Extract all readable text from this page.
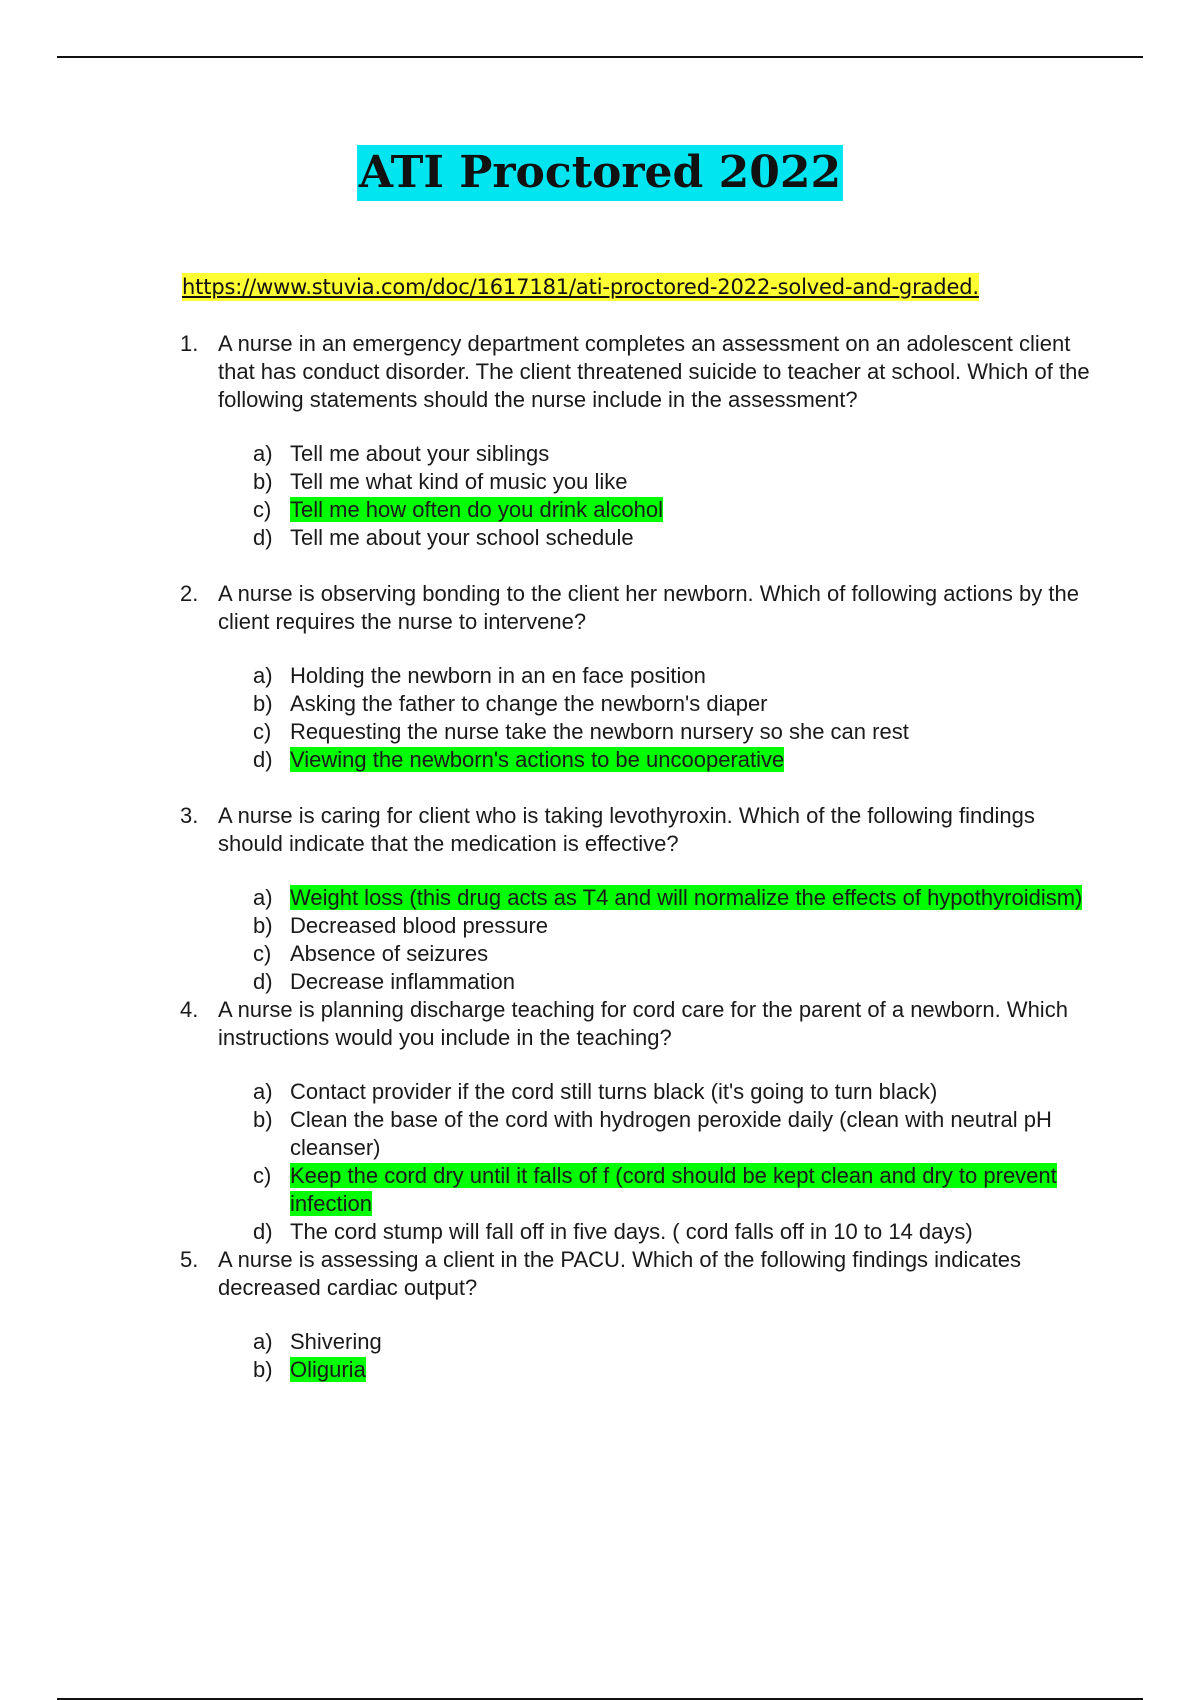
ATI Proctored 2022
https://www.stuvia.com/doc/1617181/ati-proctored-2022-solved-and-graded.
1. A nurse in an emergency department completes an assessment on an adolescent client that has conduct disorder. The client threatened suicide to teacher at school. Which of the following statements should the nurse include in the assessment?
a) Tell me about your siblings
b) Tell me what kind of music you like
c) Tell me how often do you drink alcohol
d) Tell me about your school schedule
2. A nurse is observing bonding to the client her newborn. Which of following actions by the client requires the nurse to intervene?
a) Holding the newborn in an en face position
b) Asking the father to change the newborn's diaper
c) Requesting the nurse take the newborn nursery so she can rest
d) Viewing the newborn's actions to be uncooperative
3. A nurse is caring for client who is taking levothyroxin. Which of the following findings should indicate that the medication is effective?
a) Weight loss (this drug acts as T4 and will normalize the effects of hypothyroidism)
b) Decreased blood pressure
c) Absence of seizures
d) Decrease inflammation
4. A nurse is planning discharge teaching for cord care for the parent of a newborn. Which instructions would you include in the teaching?
a) Contact provider if the cord still turns black (it's going to turn black)
b) Clean the base of the cord with hydrogen peroxide daily (clean with neutral pH cleanser)
c) Keep the cord dry until it falls of f (cord should be kept clean and dry to prevent infection
d) The cord stump will fall off in five days. ( cord falls off in 10 to 14 days)
5. A nurse is assessing a client in the PACU. Which of the following findings indicates decreased cardiac output?
a) Shivering
b) Oliguria
